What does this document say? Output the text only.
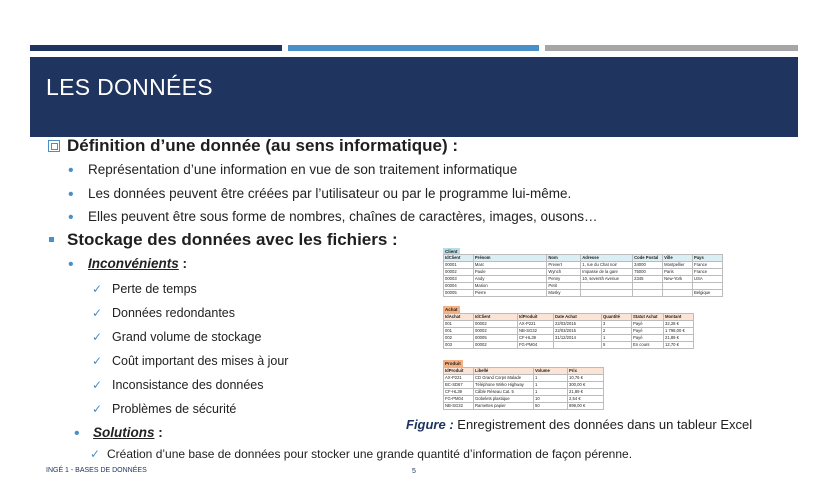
LES DONNÉES
Définition d’une donnée (au sens informatique) :
• Représentation d’une information en vue de son traitement informatique
• Les données peuvent être créées par l’utilisateur ou par le programme lui-même.
• Elles peuvent être sous forme de nombres, chaînes de caractères, images, ousons…
Stockage des données avec les fichiers :
• Inconvénients :
✓ Perte de temps
✓ Données redondantes
✓ Grand volume de stockage
✓ Coût important des mises à jour
✓ Inconsistance des données
✓ Problèmes de sécurité
• Solutions :
✓ Création d’une base de données pour stocker une grande quantité d’information de façon pérenne.
Client
IdClient	Prénom	Nom	Adresse	Code Postal	Ville	Pays
00001	Marc	Prevert	1, rue du Chat noir	34000	Montpellier	France
00002	Paule	Wynch	Impasse de la gare	75000	Paris	France
00003	Andy	Penny	10, seventh Avenue	2345	New-York	USA
00004	Marion	Petit				
00005	Pierre	Mosky				Belgique
Achat
IdAchat	IdClient	IdProduit	Date Achat	Quantité	Statut Achat	Montant
001	00002	AX-P221	22/03/2015	3	Payé	32,28 €
001	00002	NB-SG32	22/03/2015	2	Payé	1 798,00 €
002	00005	CF-HL39	31/12/2014	1	Payé	21,89 €
003	00002	FG-PM04		5	En cours	12,70 €
Produit
IdProduit	Libellé	Volume	Prix
AX-P221	CD Grand Corps Malade	1	10,76 €
BC-SD67	Téléphone Wirko Highway	1	300,00 €
CF-HL39	Câble Réseau Cat. 5	1	21,89 €
FG-PM04	Gobelets plastique	10	2,54 €
NB-SG32	Ramettes papier	50	899,00 €
Figure : Enregistrement des données dans un tableur Excel
INGÉ 1 - BASES DE DONNÉES	5
